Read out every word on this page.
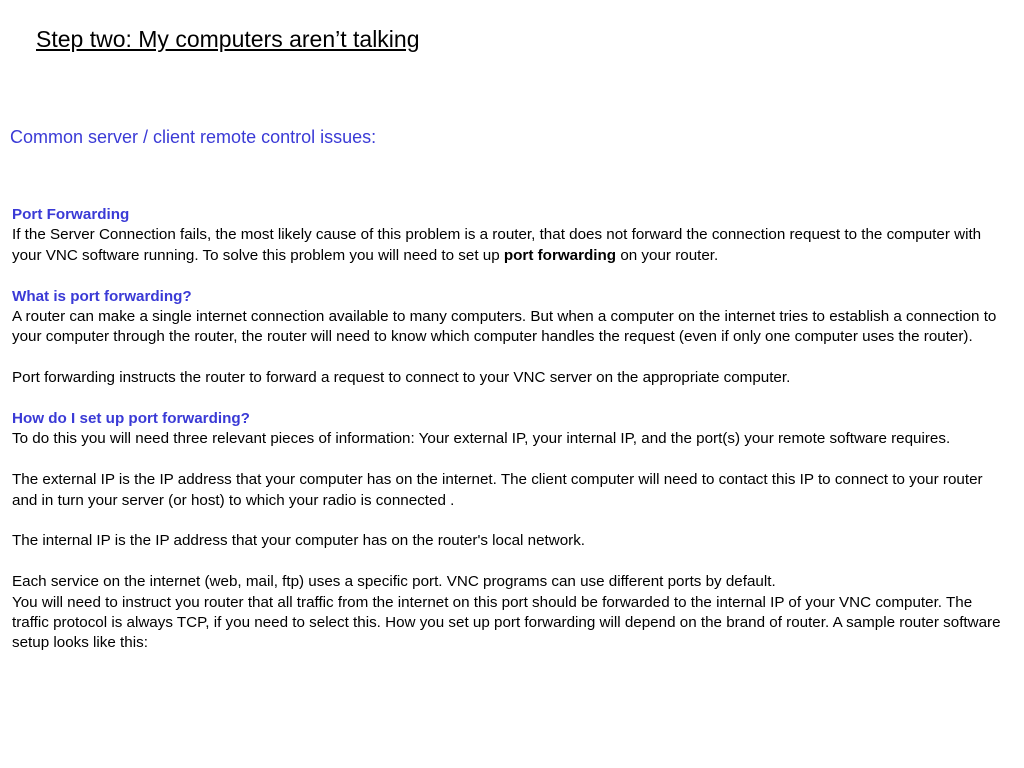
Step two: My computers aren’t talking
Common server / client remote control issues:

Port Forwarding

If the Server Connection fails, the most likely cause of this problem is a router, that does not forward the connection request to the computer with your VNC software running. To solve this problem you will need to set up port forwarding on your router.

What is port forwarding?

A router can make a single internet connection available to many computers. But when a computer on the internet tries to establish a connection to your computer through the router, the router will need to know which computer handles the request (even if only one computer uses the router).

Port forwarding instructs the router to forward a request to connect to your VNC server on the appropriate computer.

How do I set up port forwarding?

To do this you will need three relevant pieces of information: Your external IP, your internal IP, and the port(s) your remote software requires.

The external IP is the IP address that your computer has on the internet. The client computer will need to contact this IP to connect to your router and in turn your server (or host) to which your radio is connected .

The internal IP is the IP address that your computer has on the router's local network.

Each service on the internet (web, mail, ftp) uses a specific port. VNC programs can use different ports by default.

You will need to instruct you router that all traffic from the internet on this port should be forwarded to the internal IP of your VNC computer. The traffic protocol is always TCP, if you need to select this. How you set up port forwarding will depend on the brand of router. A sample router software setup looks like this:
